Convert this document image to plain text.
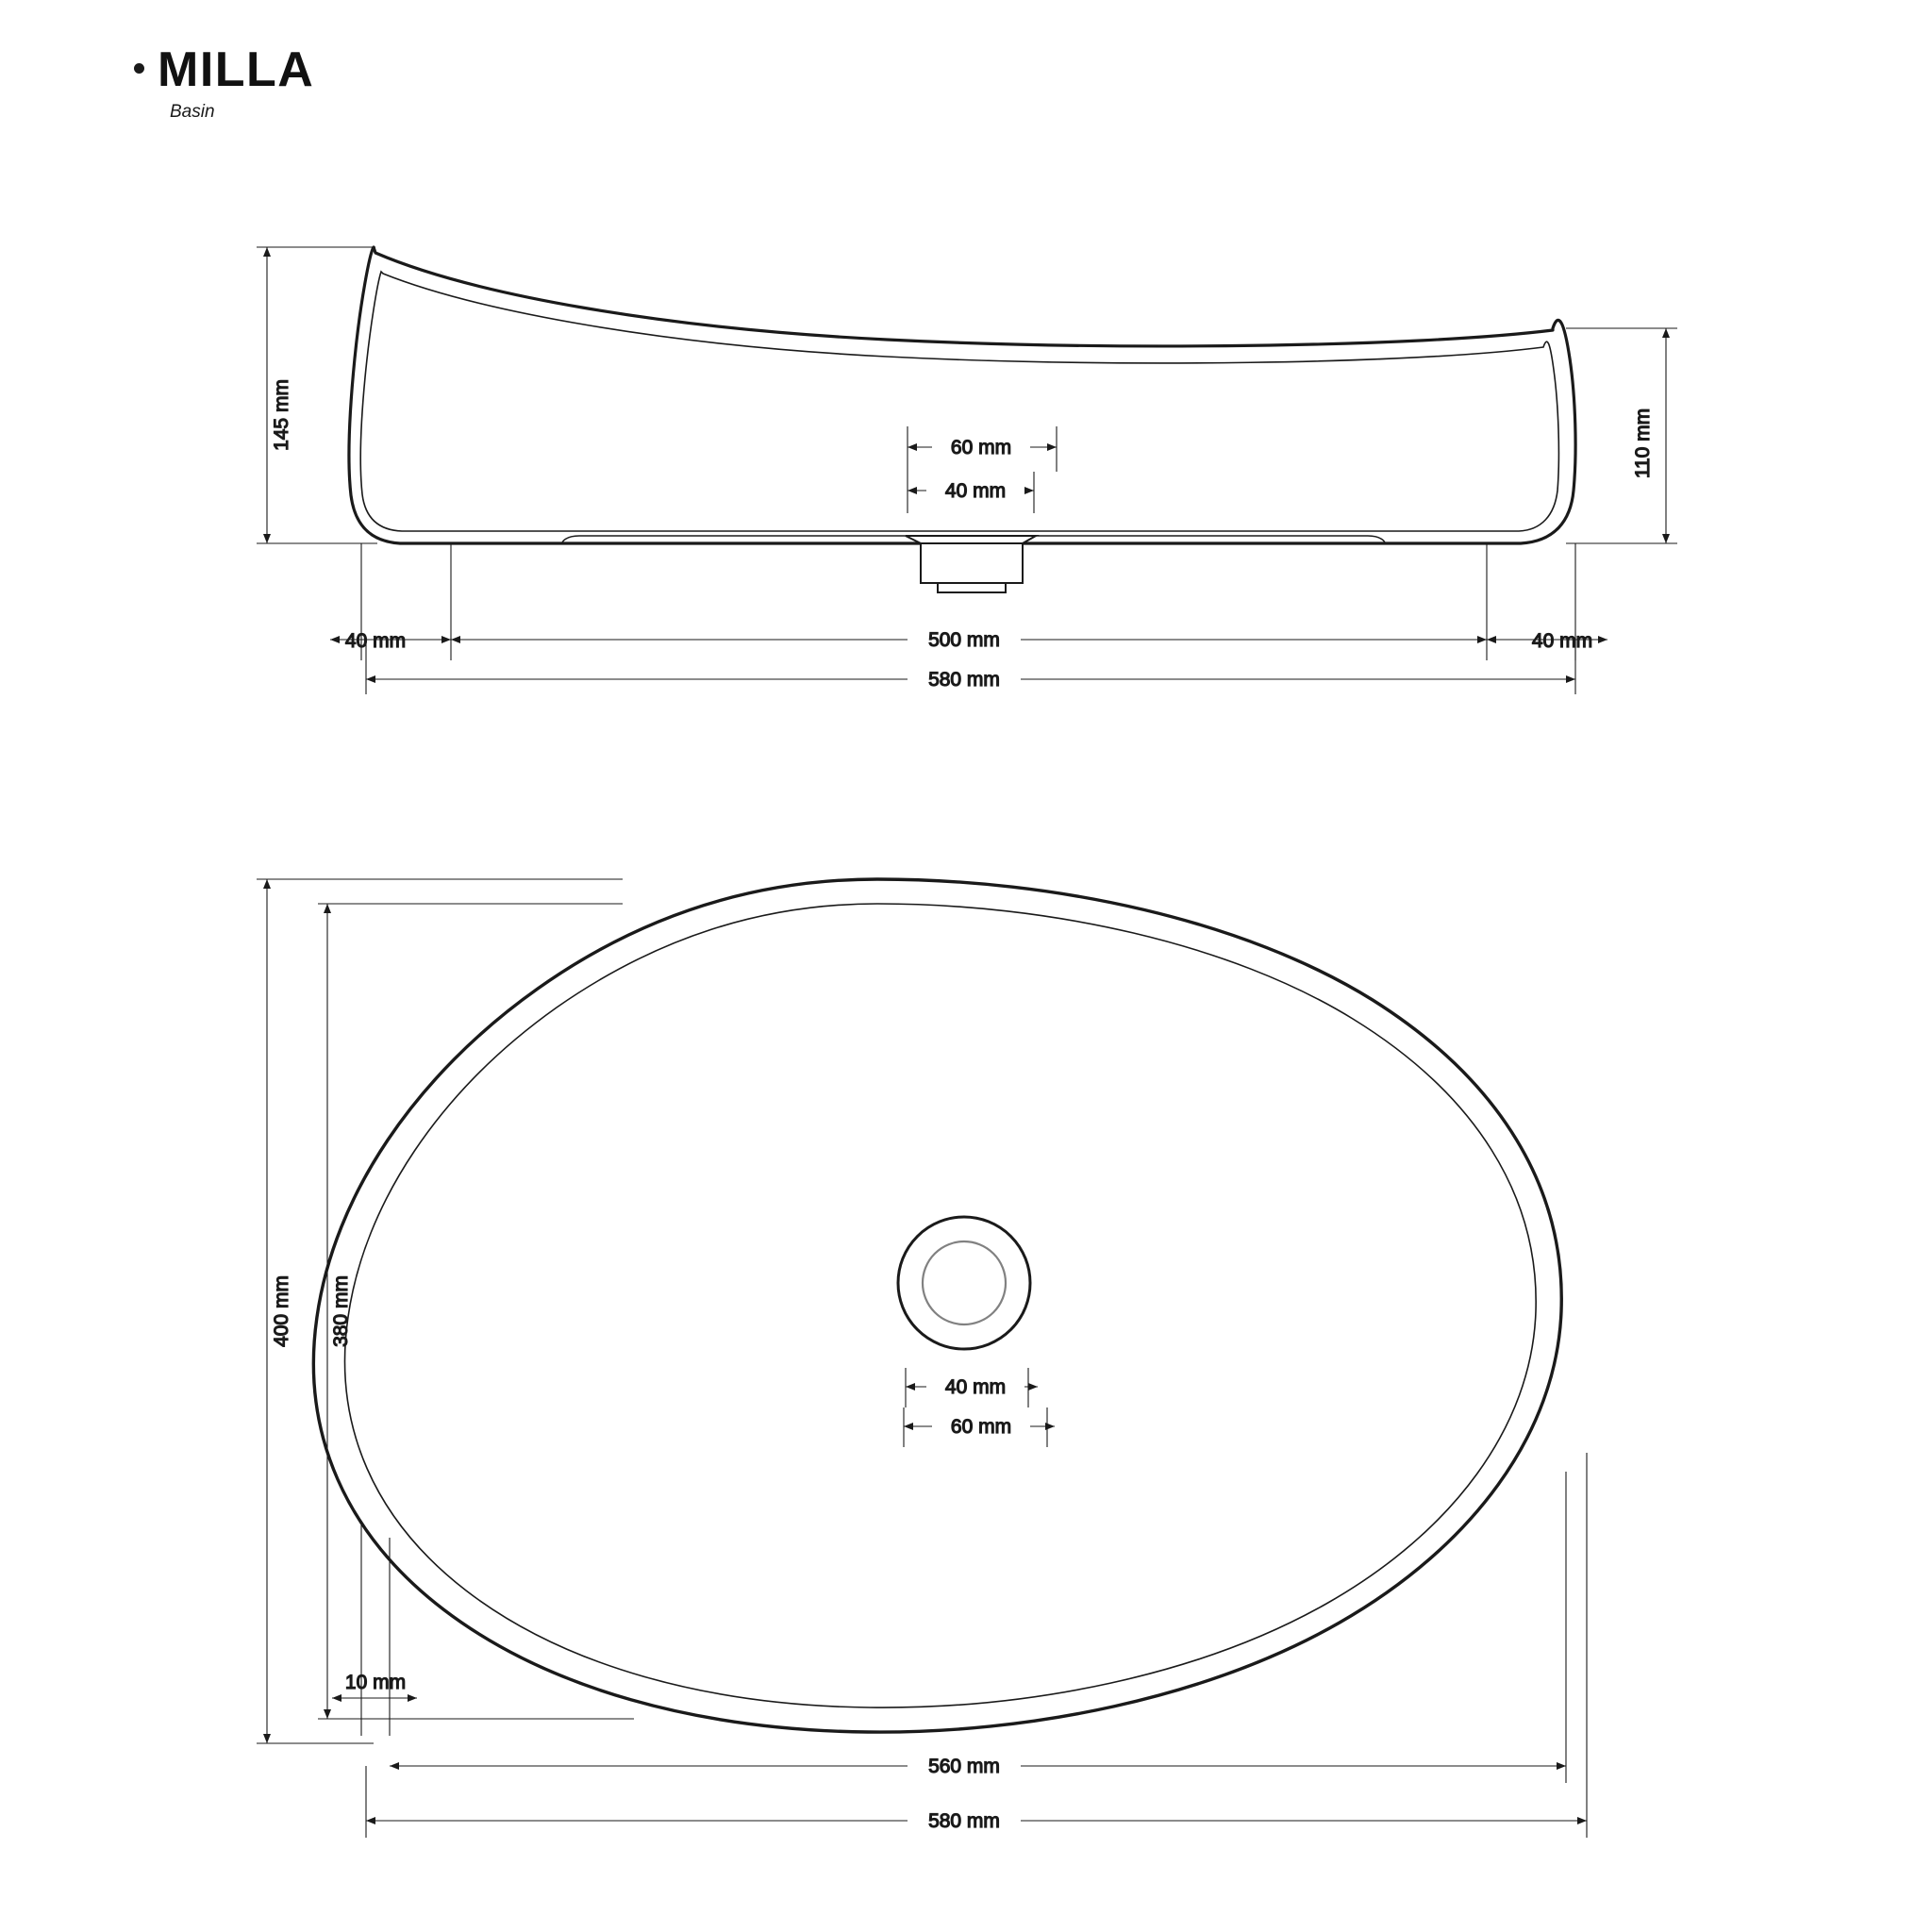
MILLA
Basin
145 mm	110 mm
60 mm
40 mm
40 mm	500 mm	40 mm
580 mm
400 mm 380 mm
40 mm
60 mm
10 mm
560 mm
580 mm
